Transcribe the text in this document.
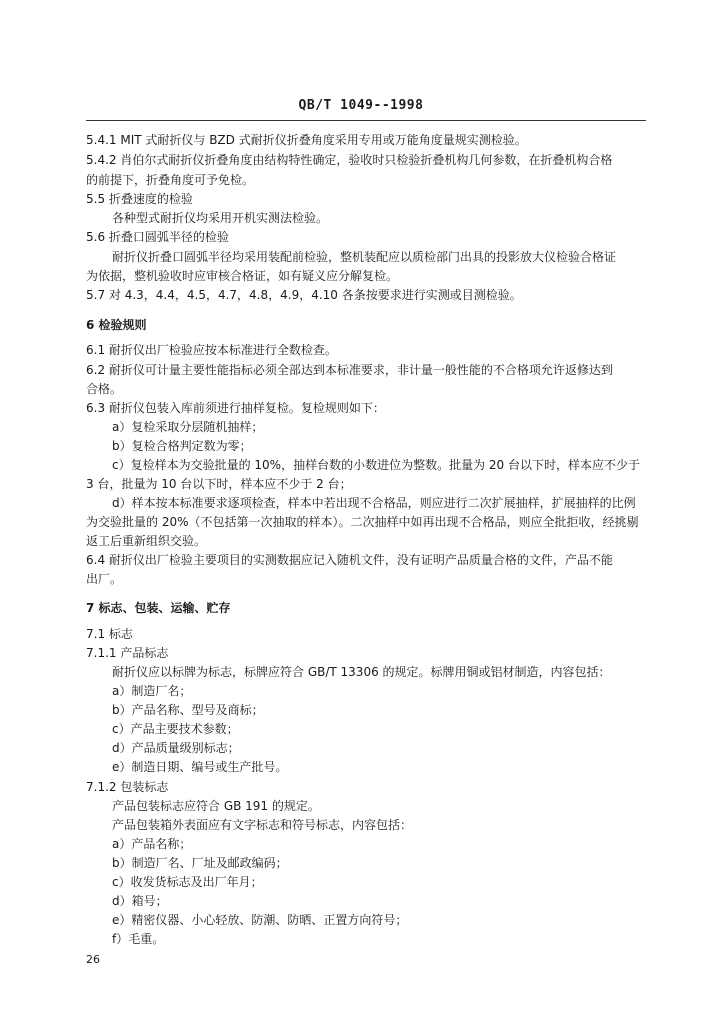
QB/T 1049--1998
5.4.1 MIT 式耐折仪与 BZD 式耐折仪折叠角度采用专用或万能角度量规实测检验。
5.4.2 肖伯尔式耐折仪折叠角度由结构特性确定，验收时只检验折叠机构几何参数，在折叠机构合格
的前提下，折叠角度可予免检。
5.5 折叠速度的检验
各种型式耐折仪均采用开机实测法检验。
5.6 折叠口圆弧半径的检验
耐折仪折叠口圆弧半径均采用装配前检验，整机装配应以质检部门出具的投影放大仪检验合格证
为依据，整机验收时应审核合格证，如有疑义应分解复检。
5.7 对 4.3，4.4，4.5，4.7，4.8，4.9，4.10 各条按要求进行实测或目测检验。
6 检验规则
6.1 耐折仪出厂检验应按本标准进行全数检查。
6.2 耐折仪可计量主要性能指标必须全部达到本标准要求，非计量一般性能的不合格项允许返修达到
合格。
6.3 耐折仪包装入库前须进行抽样复检。复检规则如下：
a）复检采取分层随机抽样；
b）复检合格判定数为零；
c）复检样本为交验批量的 10%，抽样台数的小数进位为整数。批量为 20 台以下时，样本应不少于
3 台，批量为 10 台以下时，样本应不少于 2 台；
d）样本按本标准要求逐项检查，样本中若出现不合格品，则应进行二次扩展抽样，扩展抽样的比例
为交验批量的 20%（不包括第一次抽取的样本）。二次抽样中如再出现不合格品，则应全批拒收，经挑剔
返工后重新组织交验。
6.4 耐折仪出厂检验主要项目的实测数据应记入随机文件，没有证明产品质量合格的文件，产品不能
出厂。
7 标志、包装、运输、贮存
7.1 标志
7.1.1 产品标志
耐折仪应以标牌为标志，标牌应符合 GB/T 13306 的规定。标牌用铜或铝材制造，内容包括：
a）制造厂名；
b）产品名称、型号及商标；
c）产品主要技术参数；
d）产品质量级别标志；
e）制造日期、编号或生产批号。
7.1.2 包装标志
产品包装标志应符合 GB 191 的规定。
产品包装箱外表面应有文字标志和符号标志，内容包括：
a）产品名称；
b）制造厂名、厂址及邮政编码；
c）收发货标志及出厂年月；
d）箱号；
e）精密仪器、小心轻放、防潮、防晒、正置方向符号；
f）毛重。
26
